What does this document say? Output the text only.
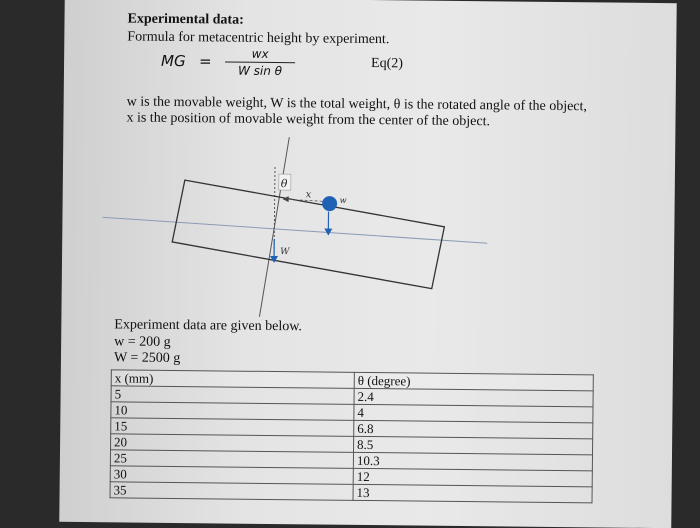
Experimental data:
Formula for metacentric height by experiment.
MG =	wx
W sin θ	Eq(2)
w is the movable weight, W is the total weight, θ is the rotated angle of the object,
x is the position of movable weight from the center of the object.
θ
x	w
W
Experiment data are given below.
w = 200 g
W = 2500 g
x (mm)	θ (degree)
5	2.4
10	4
15	6.8
20	8.5
25	10.3
30	12
35	13
